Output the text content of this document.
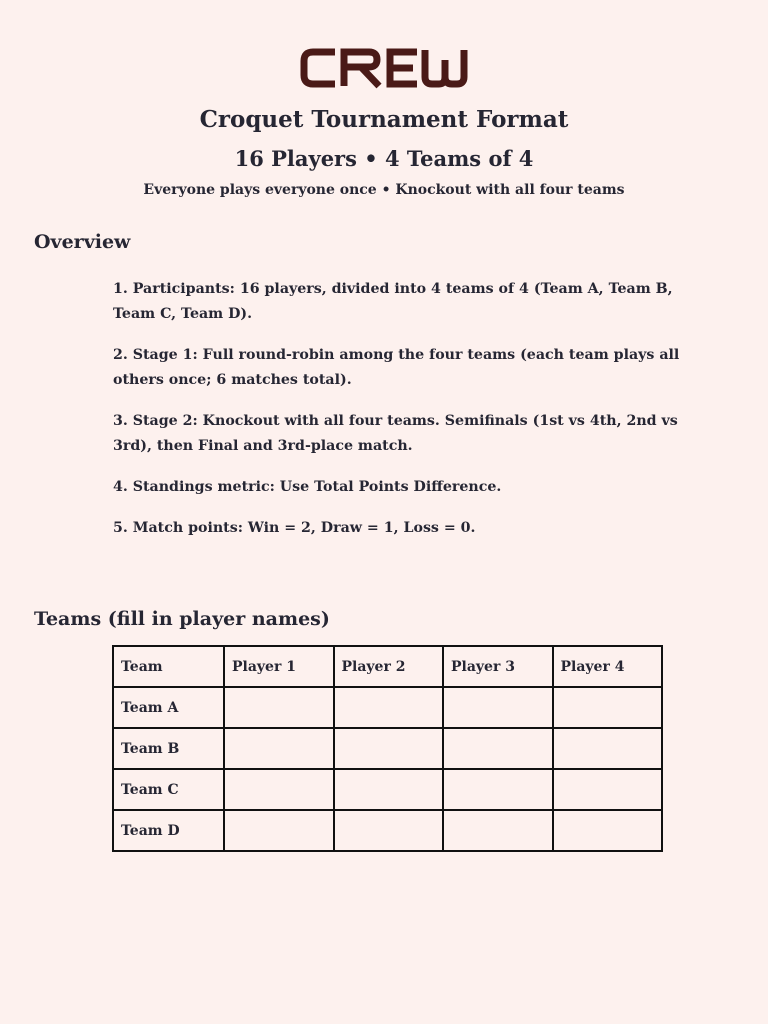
Croquet Tournament Format
16 Players • 4 Teams of 4
Everyone plays everyone once • Knockout with all four teams
Overview
1. Participants: 16 players, divided into 4 teams of 4 (Team A, Team B, Team C, Team D).
2. Stage 1: Full round-robin among the four teams (each team plays all others once; 6 matches total).
3. Stage 2: Knockout with all four teams. Semifinals (1st vs 4th, 2nd vs 3rd), then Final and 3rd-place match.
4. Standings metric: Use Total Points Difference.
5. Match points: Win = 2, Draw = 1, Loss = 0.
Teams (fill in player names)
Team	Player 1	Player 2	Player 3	Player 4
Team A				
Team B				
Team C				
Team D				
